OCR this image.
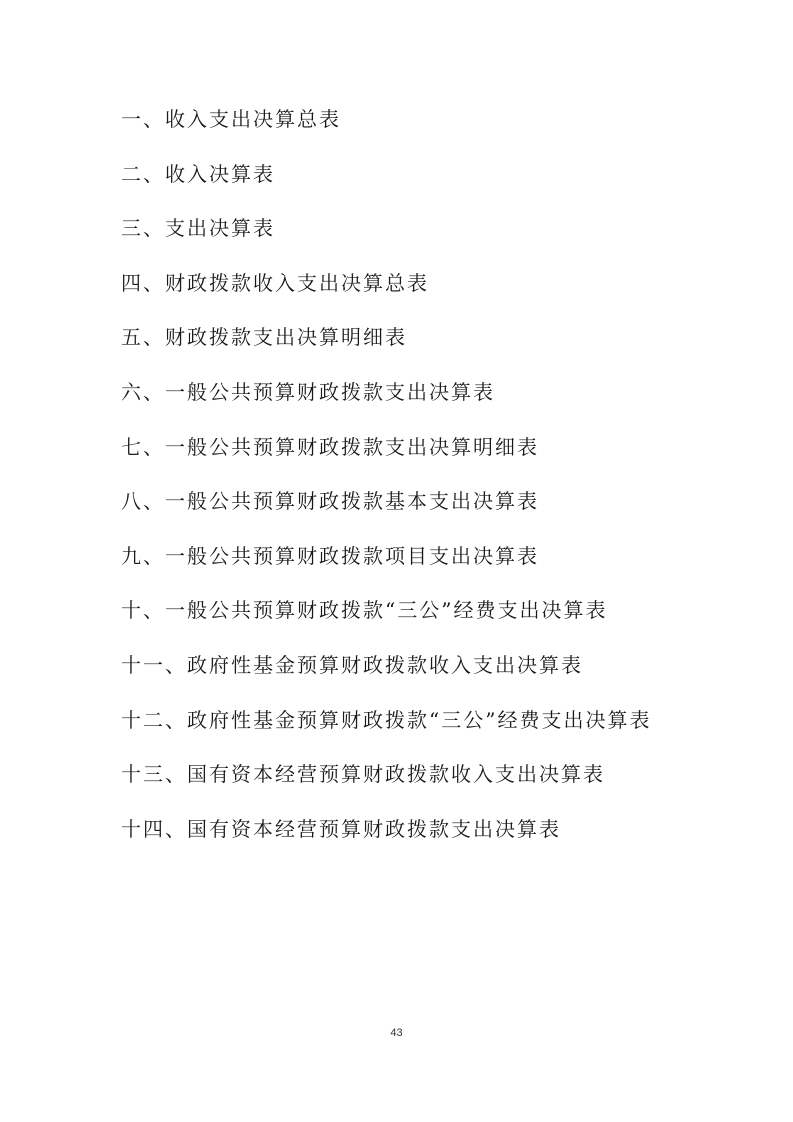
一、收入支出决算总表
二、收入决算表
三、支出决算表
四、财政拨款收入支出决算总表
五、财政拨款支出决算明细表
六、一般公共预算财政拨款支出决算表
七、一般公共预算财政拨款支出决算明细表
八、一般公共预算财政拨款基本支出决算表
九、一般公共预算财政拨款项目支出决算表
十、一般公共预算财政拨款“三公”经费支出决算表
十一、政府性基金预算财政拨款收入支出决算表
十二、政府性基金预算财政拨款“三公”经费支出决算表
十三、国有资本经营预算财政拨款收入支出决算表
十四、国有资本经营预算财政拨款支出决算表
43
